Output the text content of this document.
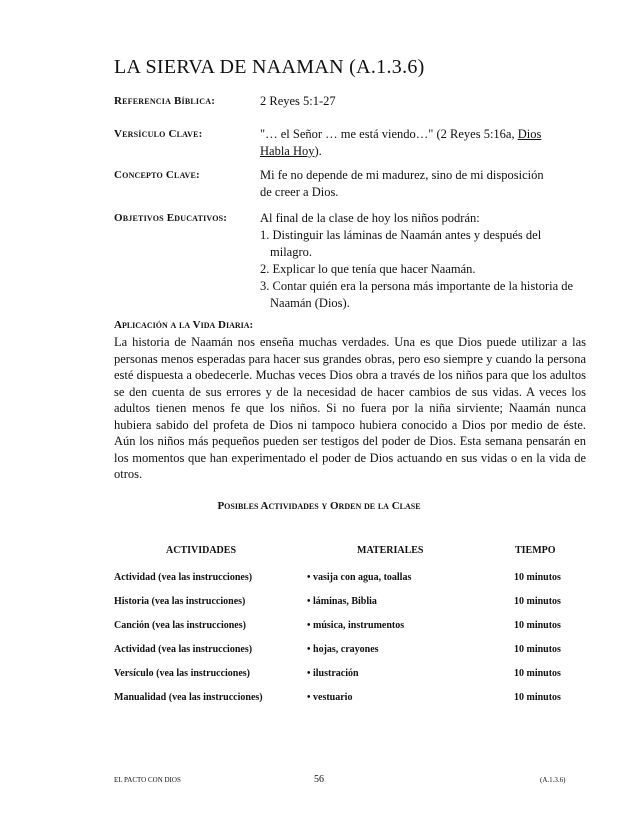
LA SIERVA DE NAAMAN (A.1.3.6)
Referencia Bíblica:	2 Reyes 5:1-27
Versículo Clave:	"… el Señor … me está viendo…" (2 Reyes 5:16a, Dios Habla Hoy).
Concepto Clave:	Mi fe no depende de mi madurez, sino de mi disposición
de creer a Dios.
Objetivos Educativos:	Al final de la clase de hoy los niños podrán:
1. Distinguir las láminas de Naamán antes y después del milagro.
2. Explicar lo que tenía que hacer Naamán.
3. Contar quién era la persona más importante de la historia de Naamán (Dios).
Aplicación a la Vida Diaria:

La historia de Naamán nos enseña muchas verdades. Una es que Dios puede utilizar a las personas menos esperadas para hacer sus grandes obras, pero eso siempre y cuando la persona esté dispuesta a obedecerle. Muchas veces Dios obra a través de los niños para que los adultos se den cuenta de sus errores y de la necesidad de hacer cambios de sus vidas. A veces los adultos tienen menos fe que los niños. Si no fuera por la niña sirviente; Naamán nunca hubiera sabido del profeta de Dios ni tampoco hubiera conocido a Dios por medio de éste. Aún los niños más pequeños pueden ser testigos del poder de Dios. Esta semana pensarán en los momentos que han experimentado el poder de Dios actuando en sus vidas o en la vida de otros.

Posibles Actividades y Orden de la Clase
ACTIVIDADES	MATERIALES	TIEMPO
Actividad (vea las instrucciones)	• vasija con agua, toallas	10 minutos
Historia (vea las instrucciones)	• láminas, Biblia	10 minutos
Canción (vea las instrucciones)	• música, instrumentos	10 minutos
Actividad (vea las instrucciones)	• hojas, crayones	10 minutos
Versículo (vea las instrucciones)	• ilustración	10 minutos
Manualidad (vea las instrucciones)	• vestuario	10 minutos
EL PACTO CON DIOS	56	(A.1.3.6)
